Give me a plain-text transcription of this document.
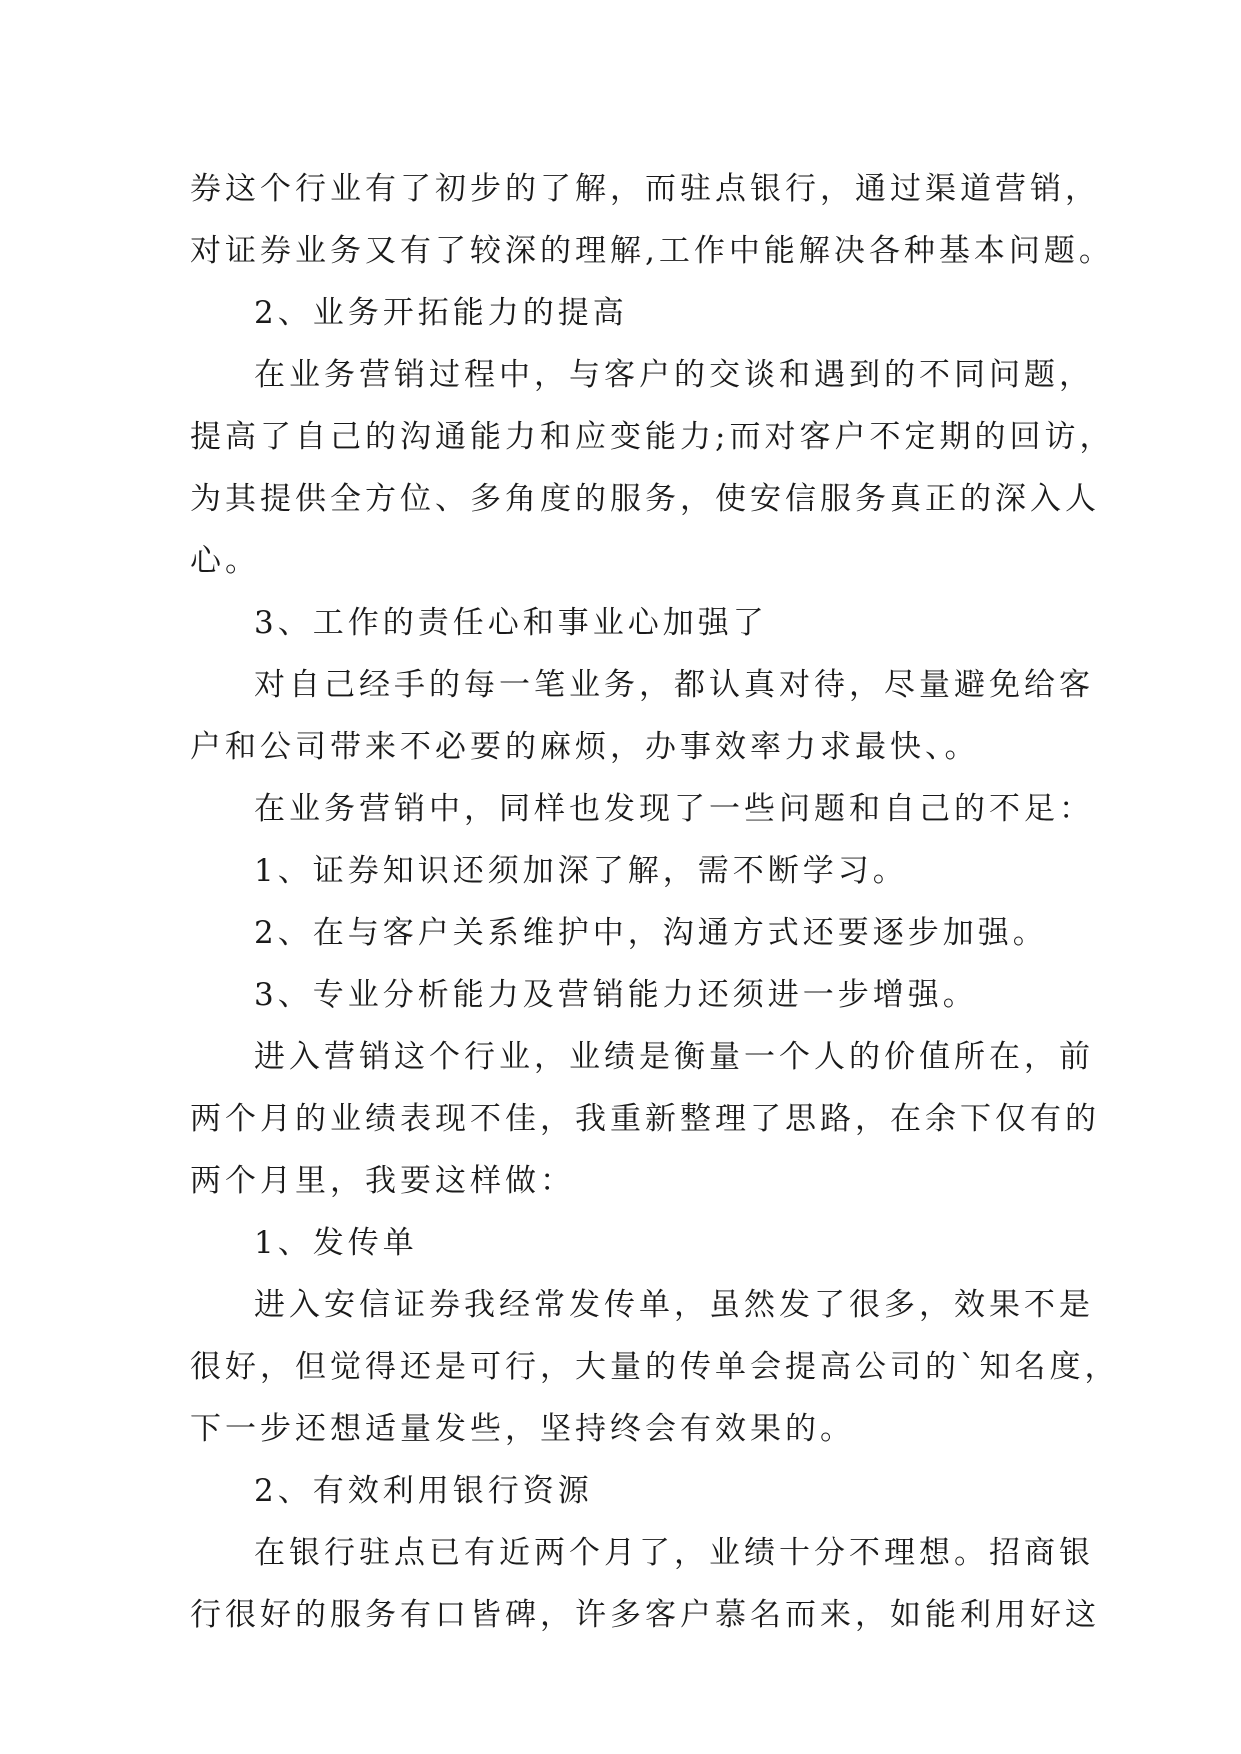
券这个行业有了初步的了解，而驻点银行，通过渠道营销，
对证券业务又有了较深的理解,工作中能解决各种基本问题。
2、业务开拓能力的提高
在业务营销过程中，与客户的交谈和遇到的不同问题，
提高了自己的沟通能力和应变能力;而对客户不定期的回访，
为其提供全方位、多角度的服务，使安信服务真正的深入人
心。
3、工作的责任心和事业心加强了
对自己经手的每一笔业务，都认真对待，尽量避免给客
户和公司带来不必要的麻烦，办事效率力求最快、。
在业务营销中，同样也发现了一些问题和自己的不足：
1、证券知识还须加深了解，需不断学习。
2、在与客户关系维护中，沟通方式还要逐步加强。
3、专业分析能力及营销能力还须进一步增强。
进入营销这个行业，业绩是衡量一个人的价值所在，前
两个月的业绩表现不佳，我重新整理了思路，在余下仅有的
两个月里，我要这样做：
1、发传单
进入安信证券我经常发传单，虽然发了很多，效果不是
很好，但觉得还是可行，大量的传单会提高公司的`知名度，
下一步还想适量发些，坚持终会有效果的。
2、有效利用银行资源
在银行驻点已有近两个月了，业绩十分不理想。招商银
行很好的服务有口皆碑，许多客户慕名而来，如能利用好这
